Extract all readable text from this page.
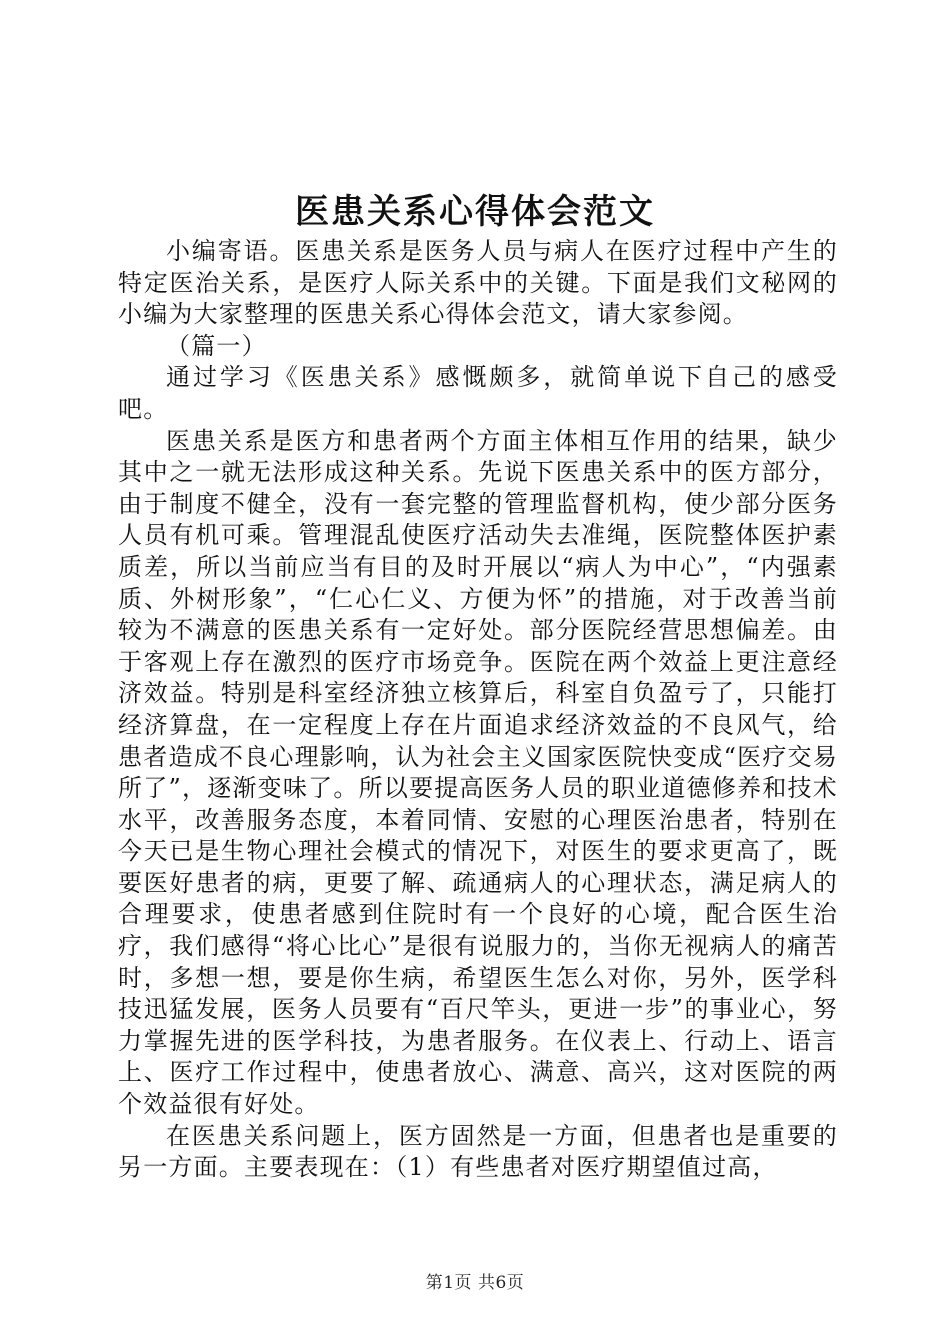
医患关系心得体会范文

小编寄语。医患关系是医务人员与病人在医疗过程中产生的特定医治关系，是医疗人际关系中的关键。下面是我们文秘网的小编为大家整理的医患关系心得体会范文，请大家参阅。

（篇一）

通过学习《医患关系》感慨颇多，就简单说下自己的感受吧。

医患关系是医方和患者两个方面主体相互作用的结果，缺少其中之一就无法形成这种关系。先说下医患关系中的医方部分，由于制度不健全，没有一套完整的管理监督机构，使少部分医务人员有机可乘。管理混乱使医疗活动失去准绳，医院整体医护素质差，所以当前应当有目的及时开展以“病人为中心”，“内强素质、外树形象”，“仁心仁义、方便为怀”的措施，对于改善当前较为不满意的医患关系有一定好处。部分医院经营思想偏差。由于客观上存在激烈的医疗市场竞争。医院在两个效益上更注意经济效益。特别是科室经济独立核算后，科室自负盈亏了，只能打经济算盘，在一定程度上存在片面追求经济效益的不良风气，给患者造成不良心理影响，认为社会主义国家医院快变成“医疗交易所了”，逐渐变味了。所以要提高医务人员的职业道德修养和技术水平，改善服务态度，本着同情、安慰的心理医治患者，特别在今天已是生物心理社会模式的情况下，对医生的要求更高了，既要医好患者的病，更要了解、疏通病人的心理状态，满足病人的合理要求，使患者感到住院时有一个良好的心境，配合医生治疗，我们感得“将心比心”是很有说服力的，当你无视病人的痛苦时，多想一想，要是你生病，希望医生怎么对你，另外，医学科技迅猛发展，医务人员要有“百尺竿头，更进一步”的事业心，努力掌握先进的医学科技，为患者服务。在仪表上、行动上、语言上、医疗工作过程中，使患者放心、满意、高兴，这对医院的两个效益很有好处。

在医患关系问题上，医方固然是一方面，但患者也是重要的另一方面。主要表现在：（1）有些患者对医疗期望值过高，

第1页 共6页
